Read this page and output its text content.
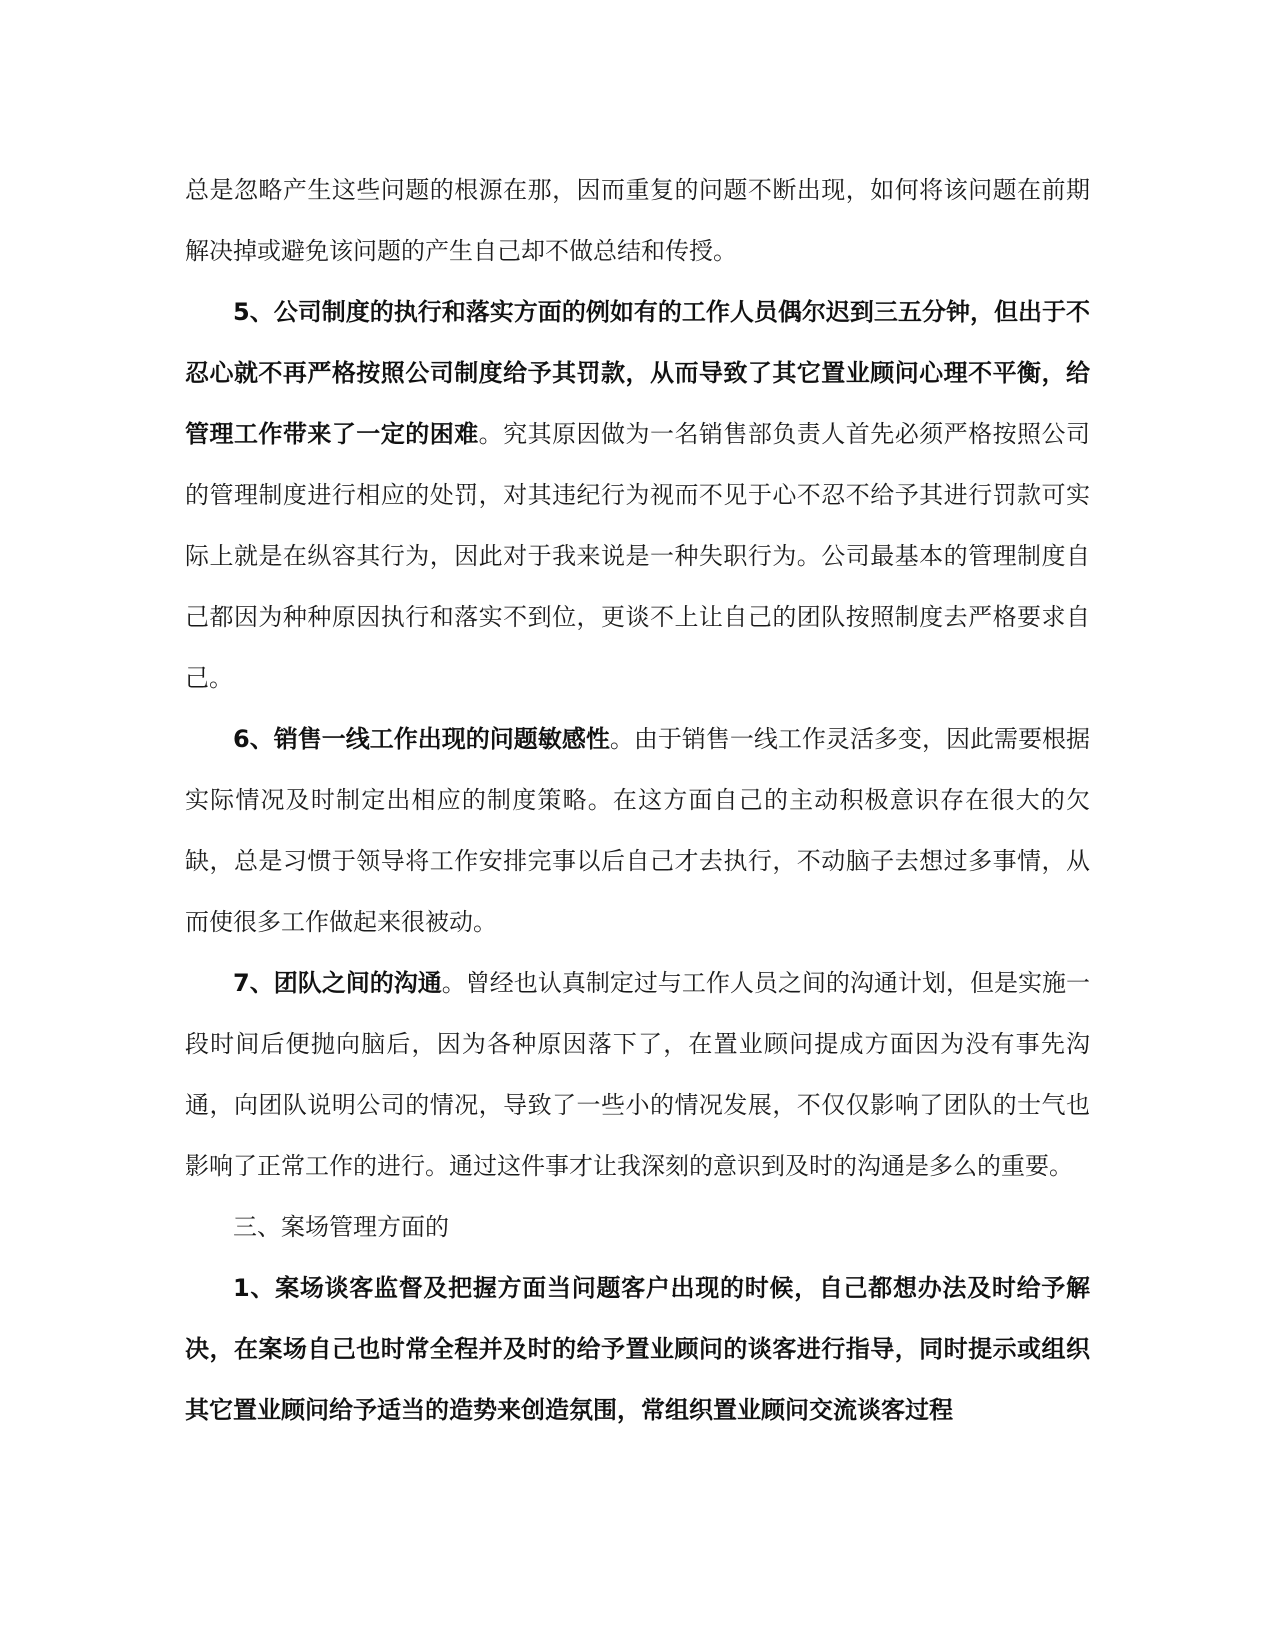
总是忽略产生这些问题的根源在那，因而重复的问题不断出现，如何将该问题在前期解决掉或避免该问题的产生自己却不做总结和传授。

5、公司制度的执行和落实方面的例如有的工作人员偶尔迟到三五分钟，但出于不忍心就不再严格按照公司制度给予其罚款，从而导致了其它置业顾问心理不平衡，给管理工作带来了一定的困难。究其原因做为一名销售部负责人首先必须严格按照公司的管理制度进行相应的处罚，对其违纪行为视而不见于心不忍不给予其进行罚款可实际上就是在纵容其行为，因此对于我来说是一种失职行为。公司最基本的管理制度自己都因为种种原因执行和落实不到位，更谈不上让自己的团队按照制度去严格要求自己。

6、销售一线工作出现的问题敏感性。由于销售一线工作灵活多变，因此需要根据实际情况及时制定出相应的制度策略。在这方面自己的主动积极意识存在很大的欠缺，总是习惯于领导将工作安排完事以后自己才去执行，不动脑子去想过多事情，从而使很多工作做起来很被动。

7、团队之间的沟通。曾经也认真制定过与工作人员之间的沟通计划，但是实施一段时间后便抛向脑后，因为各种原因落下了，在置业顾问提成方面因为没有事先沟通，向团队说明公司的情况，导致了一些小的情况发展，不仅仅影响了团队的士气也影响了正常工作的进行。通过这件事才让我深刻的意识到及时的沟通是多么的重要。

三、案场管理方面的

1、案场谈客监督及把握方面当问题客户出现的时候，自己都想办法及时给予解决，在案场自己也时常全程并及时的给予置业顾问的谈客进行指导，同时提示或组织其它置业顾问给予适当的造势来创造氛围，常组织置业顾问交流谈客过程
